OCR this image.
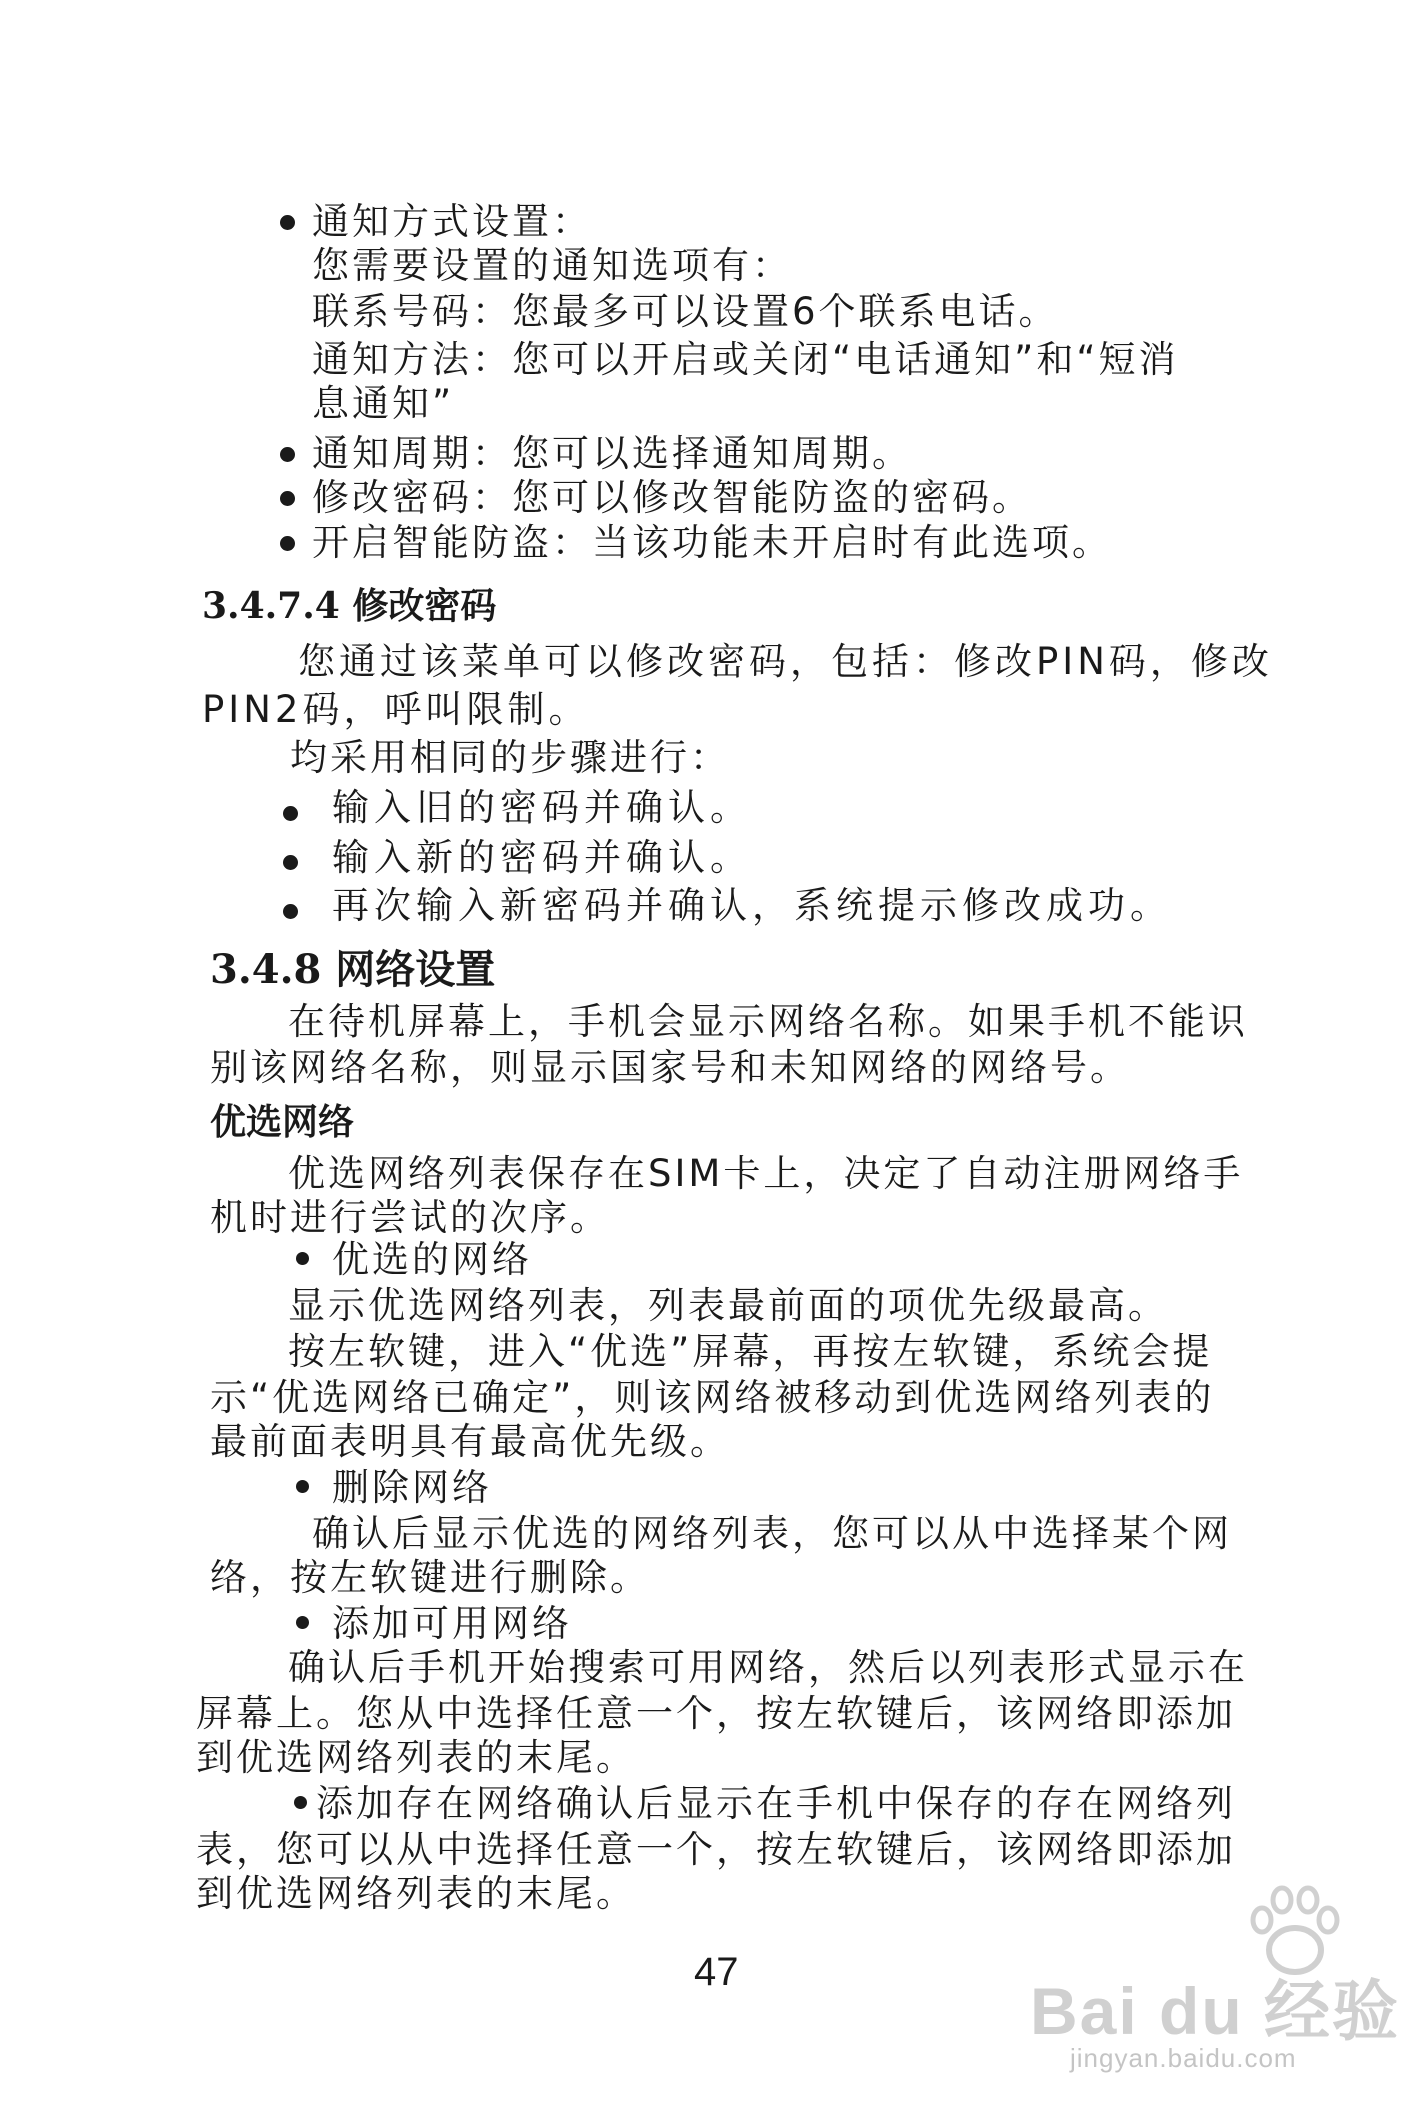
通知方式设置：
您需要设置的通知选项有：
联系号码：您最多可以设置6个联系电话。
通知方法：您可以开启或关闭“电话通知”和“短消
息通知”
通知周期：您可以选择通知周期。
修改密码：您可以修改智能防盗的密码。
开启智能防盗：当该功能未开启时有此选项。
3.4.7.4 修改密码
您通过该菜单可以修改密码，包括：修改PIN码，修改
PIN2码，呼叫限制。
均采用相同的步骤进行：
输入旧的密码并确认。
输入新的密码并确认。
再次输入新密码并确认，系统提示修改成功。
3.4.8 网络设置
在待机屏幕上，手机会显示网络名称。如果手机不能识
别该网络名称，则显示国家号和未知网络的网络号。
优选网络
优选网络列表保存在SIM卡上，决定了自动注册网络手
机时进行尝试的次序。
优选的网络
显示优选网络列表，列表最前面的项优先级最高。
按左软键，进入“优选”屏幕，再按左软键，系统会提
示“优选网络已确定”，则该网络被移动到优选网络列表的
最前面表明具有最高优先级。
删除网络
确认后显示优选的网络列表，您可以从中选择某个网
络，按左软键进行删除。
添加可用网络
确认后手机开始搜索可用网络，然后以列表形式显示在
屏幕上。您从中选择任意一个，按左软键后，该网络即添加
到优选网络列表的末尾。
添加存在网络确认后显示在手机中保存的存在网络列
表，您可以从中选择任意一个，按左软键后，该网络即添加
到优选网络列表的末尾。
47
Bai du 经验
jingyan.baidu.com
